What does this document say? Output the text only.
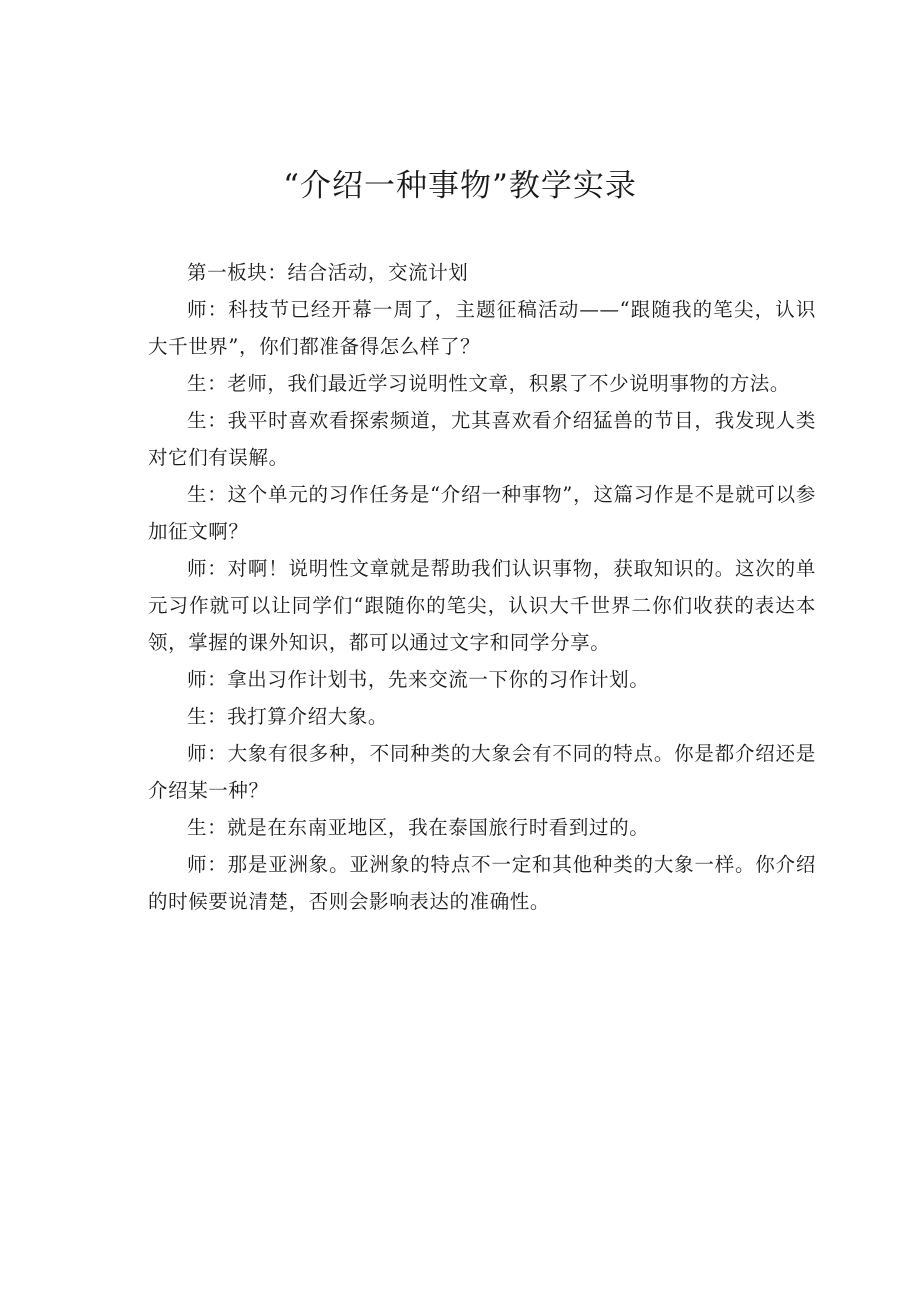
“介绍一种事物”教学实录

第一板块：结合活动，交流计划

师：科技节已经开幕一周了，主题征稿活动——“跟随我的笔尖，认识大千世界”，你们都准备得怎么样了？

生：老师，我们最近学习说明性文章，积累了不少说明事物的方法。

生：我平时喜欢看探索频道，尤其喜欢看介绍猛兽的节目，我发现人类对它们有误解。

生：这个单元的习作任务是“介绍一种事物”，这篇习作是不是就可以参加征文啊？

师：对啊！说明性文章就是帮助我们认识事物，获取知识的。这次的单元习作就可以让同学们“跟随你的笔尖，认识大千世界二你们收获的表达本领，掌握的课外知识，都可以通过文字和同学分享。

师：拿出习作计划书，先来交流一下你的习作计划。

生：我打算介绍大象。

师：大象有很多种，不同种类的大象会有不同的特点。你是都介绍还是介绍某一种？

生：就是在东南亚地区，我在泰国旅行时看到过的。

师：那是亚洲象。亚洲象的特点不一定和其他种类的大象一样。你介绍的时候要说清楚，否则会影响表达的准确性。
